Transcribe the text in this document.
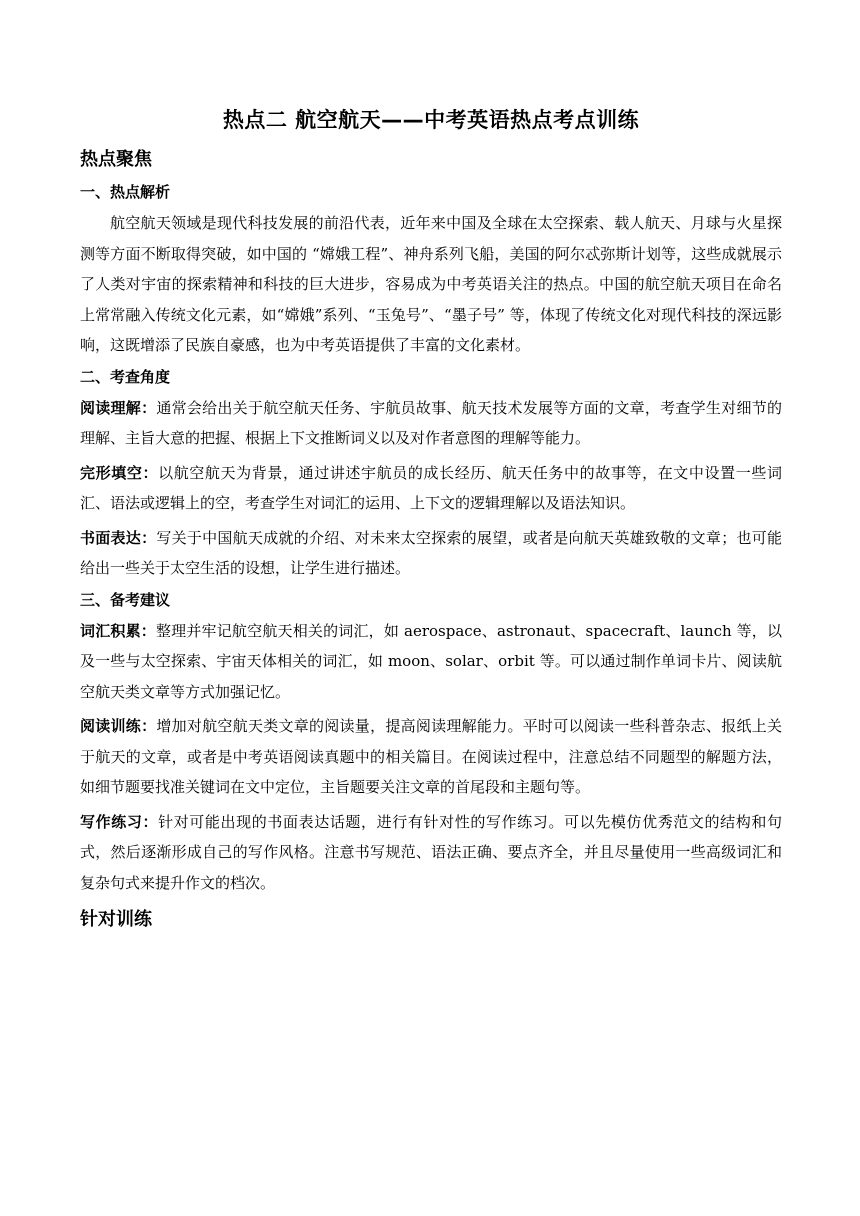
热点二 航空航天——中考英语热点考点训练
热点聚焦
一、热点解析

航空航天领域是现代科技发展的前沿代表，近年来中国及全球在太空探索、载人航天、月球与火星探测等方面不断取得突破，如中国的 “嫦娥工程”、神舟系列飞船，美国的阿尔忒弥斯计划等，这些成就展示了人类对宇宙的探索精神和科技的巨大进步，容易成为中考英语关注的热点。中国的航空航天项目在命名上常常融入传统文化元素，如“嫦娥”系列、“玉兔号”、“墨子号” 等，体现了传统文化对现代科技的深远影响，这既增添了民族自豪感，也为中考英语提供了丰富的文化素材。

二、考查角度

阅读理解：通常会给出关于航空航天任务、宇航员故事、航天技术发展等方面的文章，考查学生对细节的理解、主旨大意的把握、根据上下文推断词义以及对作者意图的理解等能力。

完形填空：以航空航天为背景，通过讲述宇航员的成长经历、航天任务中的故事等，在文中设置一些词汇、语法或逻辑上的空，考查学生对词汇的运用、上下文的逻辑理解以及语法知识。

书面表达：写关于中国航天成就的介绍、对未来太空探索的展望，或者是向航天英雄致敬的文章；也可能给出一些关于太空生活的设想，让学生进行描述。

三、备考建议

词汇积累：整理并牢记航空航天相关的词汇，如 aerospace、astronaut、spacecraft、launch 等，以及一些与太空探索、宇宙天体相关的词汇，如 moon、solar、orbit 等。可以通过制作单词卡片、阅读航空航天类文章等方式加强记忆。

阅读训练：增加对航空航天类文章的阅读量，提高阅读理解能力。平时可以阅读一些科普杂志、报纸上关于航天的文章，或者是中考英语阅读真题中的相关篇目。在阅读过程中，注意总结不同题型的解题方法，如细节题要找准关键词在文中定位，主旨题要关注文章的首尾段和主题句等。

写作练习：针对可能出现的书面表达话题，进行有针对性的写作练习。可以先模仿优秀范文的结构和句式，然后逐渐形成自己的写作风格。注意书写规范、语法正确、要点齐全，并且尽量使用一些高级词汇和复杂句式来提升作文的档次。

针对训练
